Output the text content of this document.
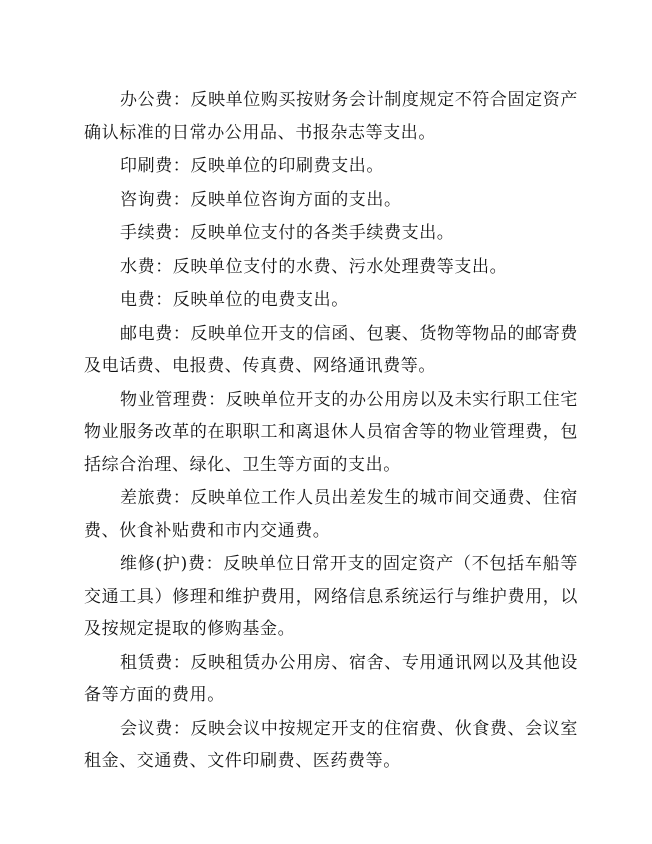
办公费：反映单位购买按财务会计制度规定不符合固定资产确认标准的日常办公用品、书报杂志等支出。

印刷费：反映单位的印刷费支出。

咨询费：反映单位咨询方面的支出。

手续费：反映单位支付的各类手续费支出。

水费：反映单位支付的水费、污水处理费等支出。

电费：反映单位的电费支出。

邮电费：反映单位开支的信函、包裹、货物等物品的邮寄费及电话费、电报费、传真费、网络通讯费等。

物业管理费：反映单位开支的办公用房以及未实行职工住宅物业服务改革的在职职工和离退休人员宿舍等的物业管理费，包括综合治理、绿化、卫生等方面的支出。

差旅费：反映单位工作人员出差发生的城市间交通费、住宿费、伙食补贴费和市内交通费。

维修(护)费：反映单位日常开支的固定资产（不包括车船等交通工具）修理和维护费用，网络信息系统运行与维护费用，以及按规定提取的修购基金。

租赁费：反映租赁办公用房、宿舍、专用通讯网以及其他设备等方面的费用。

会议费：反映会议中按规定开支的住宿费、伙食费、会议室租金、交通费、文件印刷费、医药费等。
